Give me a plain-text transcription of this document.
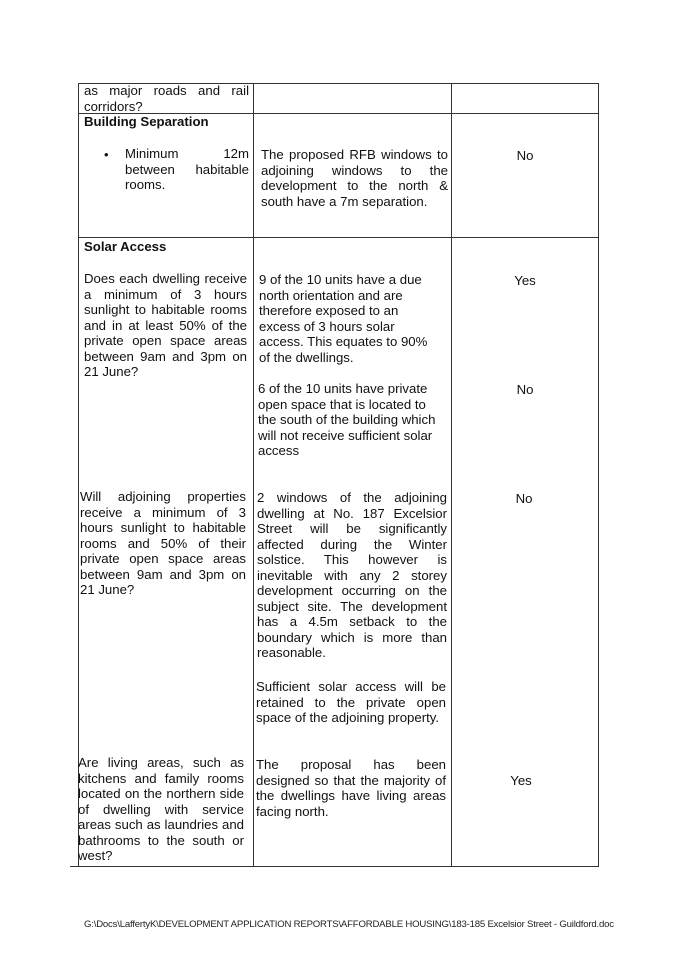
as major roads and rail corridors?

Building Separation

• Minimum 12m between habitable rooms.

The proposed RFB windows to adjoining windows to the development to the north & south have a 7m separation.

No

Solar Access

Does each dwelling receive a minimum of 3 hours sunlight to habitable rooms and in at least 50% of the private open space areas between 9am and 3pm on 21 June?

9 of the 10 units have a due north orientation and are therefore exposed to an excess of 3 hours solar access. This equates to 90% of the dwellings.

Yes

6 of the 10 units have private open space that is located to the south of the building which will not receive sufficient solar access

No

Will adjoining properties receive a minimum of 3 hours sunlight to habitable rooms and 50% of their private open space areas between 9am and 3pm on 21 June?

2 windows of the adjoining dwelling at No. 187 Excelsior Street will be significantly affected during the Winter solstice. This however is inevitable with any 2 storey development occurring on the subject site. The development has a 4.5m setback to the boundary which is more than reasonable.

No

Sufficient solar access will be retained to the private open space of the adjoining property.

Are living areas, such as kitchens and family rooms located on the northern side of dwelling with service areas such as laundries and bathrooms to the south or west?

The proposal has been designed so that the majority of the dwellings have living areas facing north.

Yes

G:\Docs\LaffertyK\DEVELOPMENT APPLICATION REPORTS\AFFORDABLE HOUSING\183-185 Excelsior Street - Guildford.doc
